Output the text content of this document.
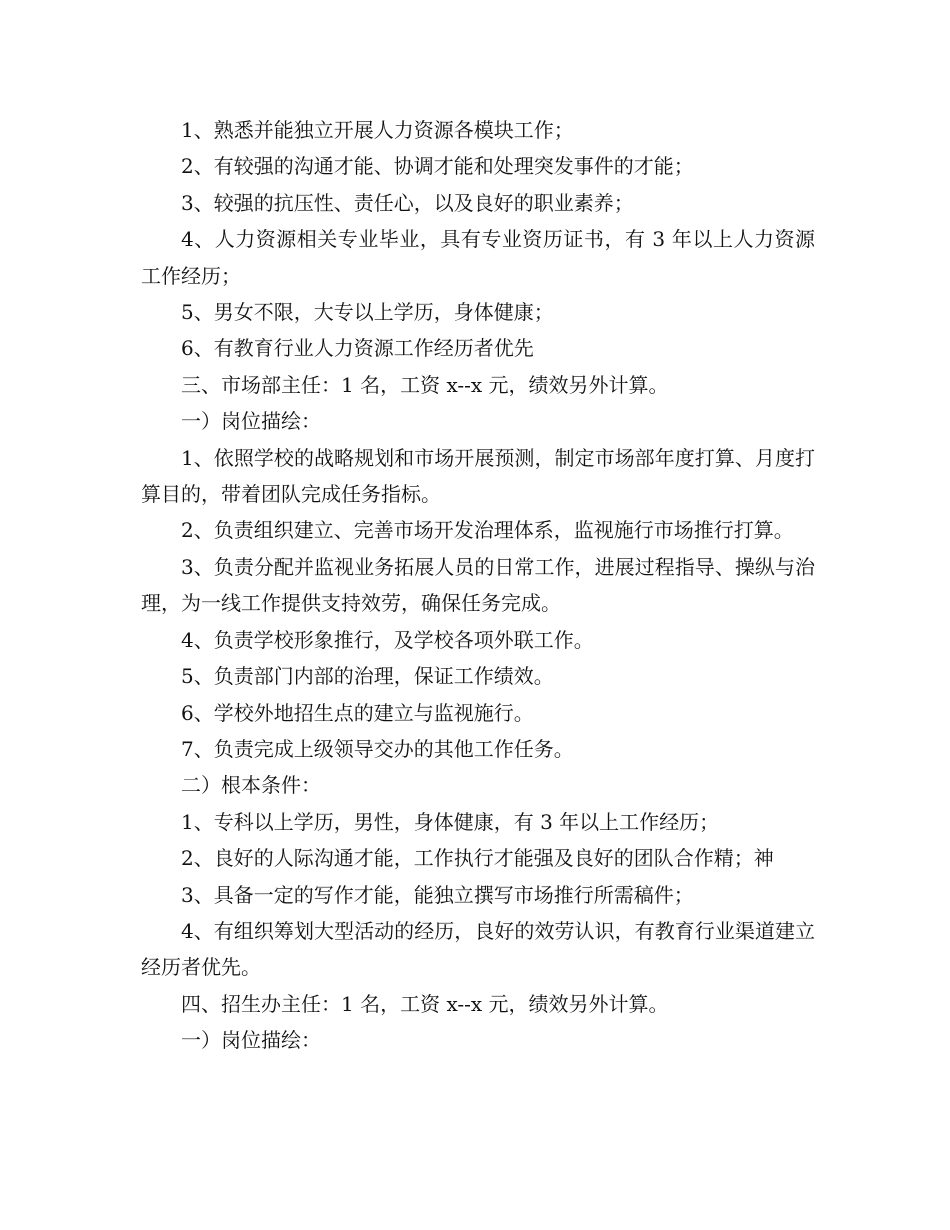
1、熟悉并能独立开展人力资源各模块工作；

2、有较强的沟通才能、协调才能和处理突发事件的才能；

3、较强的抗压性、责任心，以及良好的职业素养；

4、人力资源相关专业毕业，具有专业资历证书，有 3 年以上人力资源工作经历；

5、男女不限，大专以上学历，身体健康；

6、有教育行业人力资源工作经历者优先

三、市场部主任：1 名，工资 x--x 元，绩效另外计算。

一）岗位描绘：

1、依照学校的战略规划和市场开展预测，制定市场部年度打算、月度打算目的，带着团队完成任务指标。

2、负责组织建立、完善市场开发治理体系，监视施行市场推行打算。

3、负责分配并监视业务拓展人员的日常工作，进展过程指导、操纵与治理，为一线工作提供支持效劳，确保任务完成。

4、负责学校形象推行，及学校各项外联工作。

5、负责部门内部的治理，保证工作绩效。

6、学校外地招生点的建立与监视施行。

7、负责完成上级领导交办的其他工作任务。

二）根本条件：

1、专科以上学历，男性，身体健康，有 3 年以上工作经历；

2、良好的人际沟通才能，工作执行才能强及良好的团队合作精；神

3、具备一定的写作才能，能独立撰写市场推行所需稿件；

4、有组织筹划大型活动的经历，良好的效劳认识，有教育行业渠道建立经历者优先。

四、招生办主任：1 名，工资 x--x 元，绩效另外计算。

一）岗位描绘：
